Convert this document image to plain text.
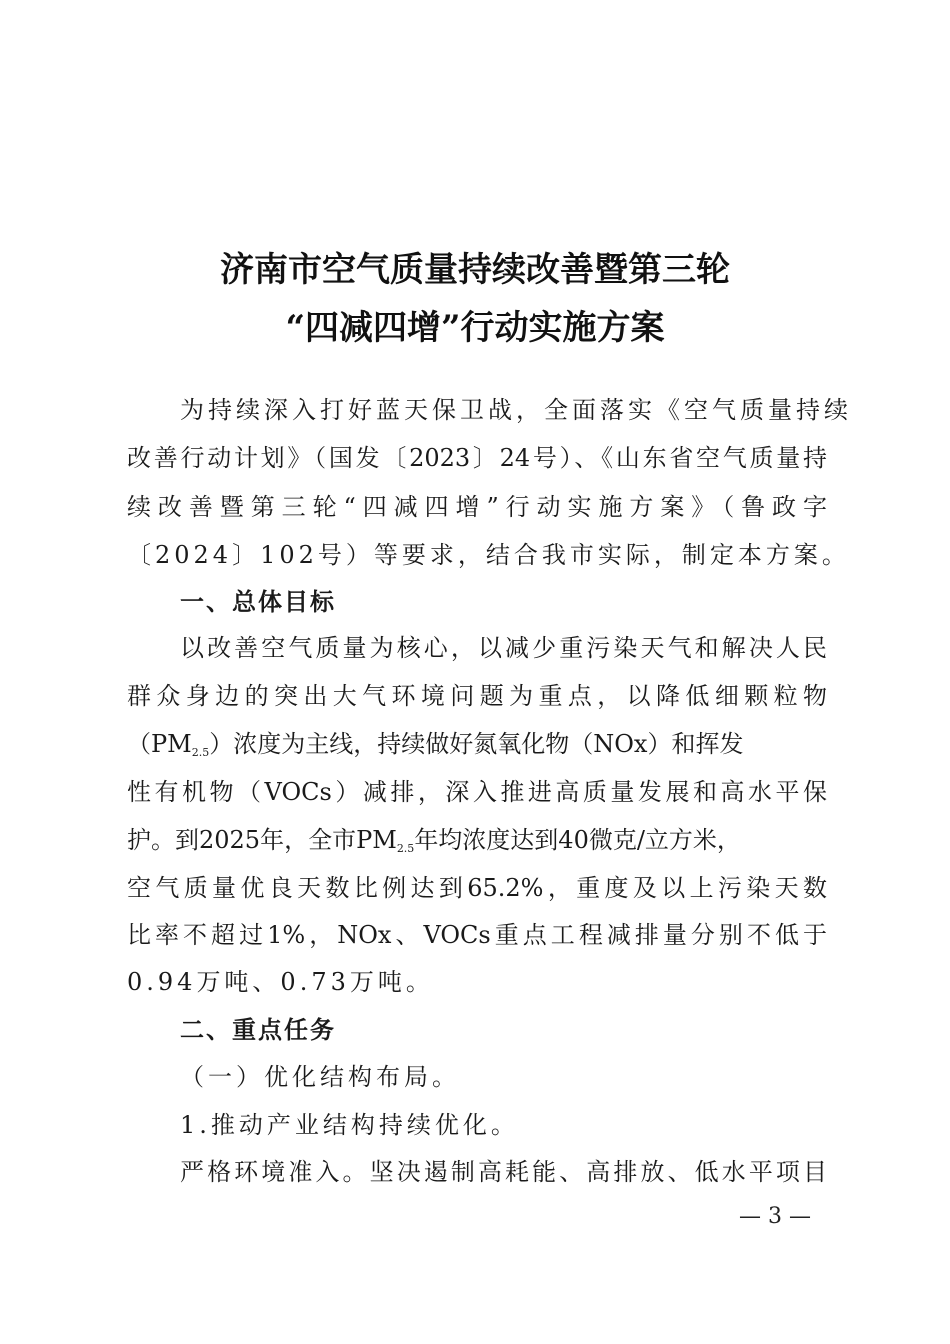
济南市空气质量持续改善暨第三轮
“四减四增”行动实施方案
为持续深入打好蓝天保卫战，全面落实《空气质量持续
改善行动计划》（国发〔2023〕24号）、《山东省空气质量持
续改善暨第三轮“四减四增”行动实施方案》（鲁政字
〔2024〕102号）等要求，结合我市实际，制定本方案。
一、总体目标
以改善空气质量为核心，以减少重污染天气和解决人民
群众身边的突出大气环境问题为重点，以降低细颗粒物
$(PM_{2.5})$浓度为主线，持续做好氮氧化物（NOx）和挥发
性有机物（VOCs）减排，深入推进高质量发展和高水平保
护。到2025年，全市$PM_{2.5}$年均浓度达到40微克/立方米，
空气质量优良天数比例达到65.2%，重度及以上污染天数
比率不超过1%，NOx、VOCs重点工程减排量分别不低于
0.94万吨、0.73万吨。
二、重点任务
（一）优化结构布局。
1.推动产业结构持续优化。
严格环境准入。坚决遏制高耗能、高排放、低水平项目
— 3 —
